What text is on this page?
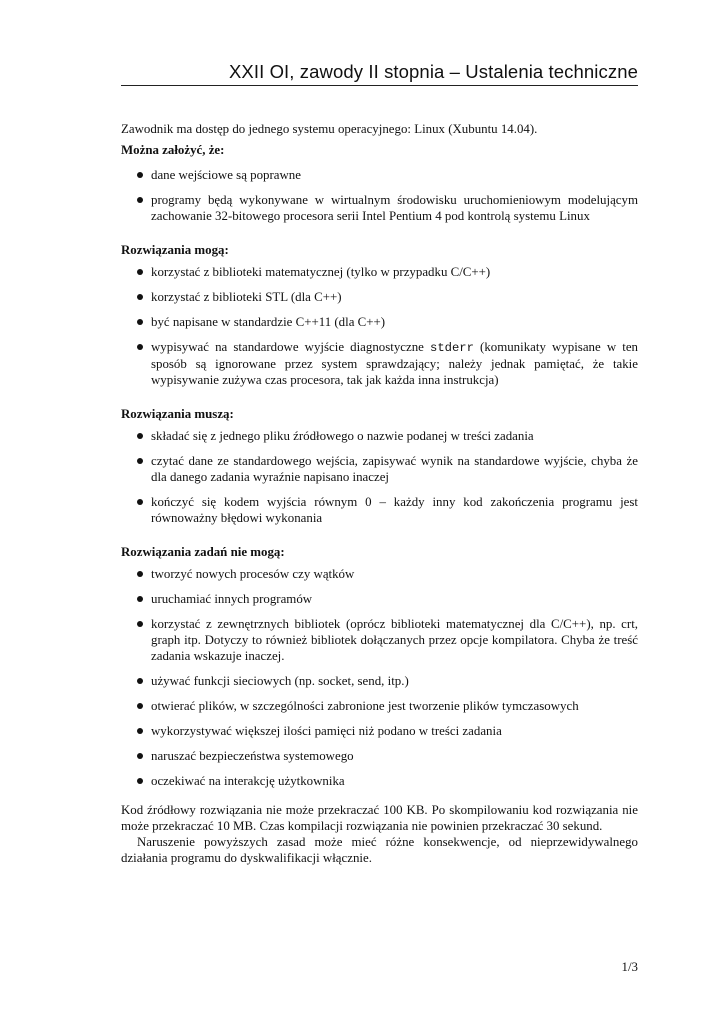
XXII OI, zawody II stopnia – Ustalenia techniczne

Zawodnik ma dostęp do jednego systemu operacyjnego: Linux (Xubuntu 14.04).

Można założyć, że:

dane wejściowe są poprawne
programy będą wykonywane w wirtualnym środowisku uruchomieniowym modelującym zachowanie 32-bitowego procesora serii Intel Pentium 4 pod kontrolą systemu Linux

Rozwiązania mogą:

korzystać z biblioteki matematycznej (tylko w przypadku C/C++)
korzystać z biblioteki STL (dla C++)
być napisane w standardzie C++11 (dla C++)
wypisywać na standardowe wyjście diagnostyczne stderr (komunikaty wypisane w ten sposób są ignorowane przez system sprawdzający; należy jednak pamiętać, że takie wypisywanie zużywa czas procesora, tak jak każda inna instrukcja)

Rozwiązania muszą:

składać się z jednego pliku źródłowego o nazwie podanej w treści zadania
czytać dane ze standardowego wejścia, zapisywać wynik na standardowe wyjście, chyba że dla danego zadania wyraźnie napisano inaczej
kończyć się kodem wyjścia równym 0 – każdy inny kod zakończenia programu jest równoważny błędowi wykonania

Rozwiązania zadań nie mogą:

tworzyć nowych procesów czy wątków
uruchamiać innych programów
korzystać z zewnętrznych bibliotek (oprócz biblioteki matematycznej dla C/C++), np. crt, graph itp. Dotyczy to również bibliotek dołączanych przez opcje kompilatora. Chyba że treść zadania wskazuje inaczej.
używać funkcji sieciowych (np. socket, send, itp.)
otwierać plików, w szczególności zabronione jest tworzenie plików tymczasowych
wykorzystywać większej ilości pamięci niż podano w treści zadania
naruszać bezpieczeństwa systemowego
oczekiwać na interakcję użytkownika

Kod źródłowy rozwiązania nie może przekraczać 100 KB. Po skompilowaniu kod rozwiązania nie może przekraczać 10 MB. Czas kompilacji rozwiązania nie powinien przekraczać 30 sekund.

Naruszenie powyższych zasad może mieć różne konsekwencje, od nieprzewidywalnego działania programu do dyskwalifikacji włącznie.

1/3
